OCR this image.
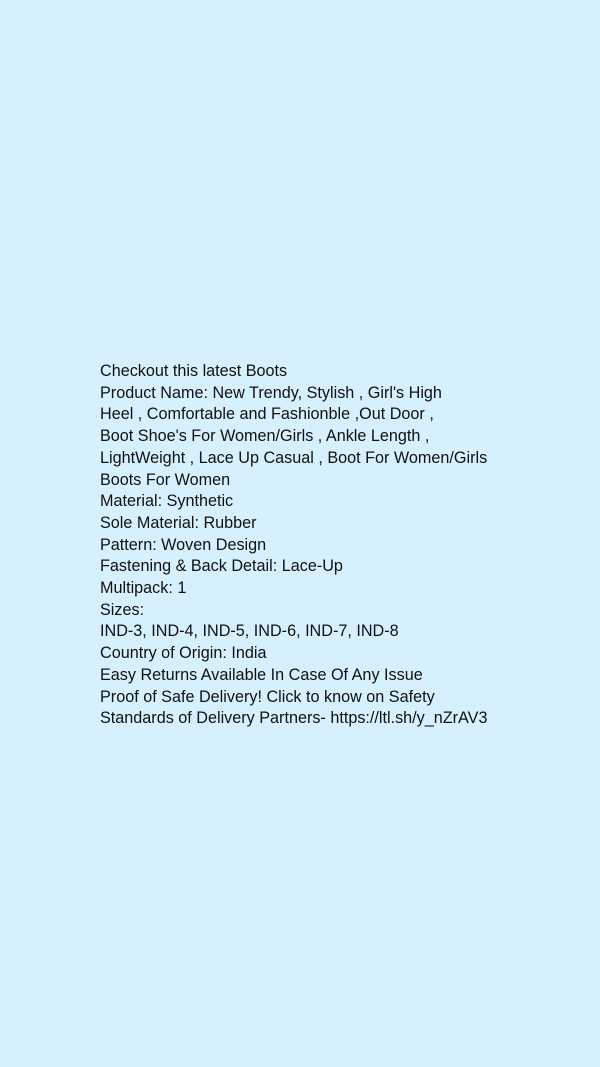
Checkout this latest Boots
Product Name: New Trendy, Stylish , Girl's High
Heel , Comfortable and Fashionble ,Out Door ,
Boot Shoe's For Women/Girls , Ankle Length ,
LightWeight , Lace Up Casual , Boot For Women/Girls
Boots For Women
Material: Synthetic
Sole Material: Rubber
Pattern: Woven Design
Fastening & Back Detail: Lace-Up
Multipack: 1
Sizes:
IND-3, IND-4, IND-5, IND-6, IND-7, IND-8
Country of Origin: India
Easy Returns Available In Case Of Any Issue
Proof of Safe Delivery! Click to know on Safety
Standards of Delivery Partners- https://ltl.sh/y_nZrAV3
